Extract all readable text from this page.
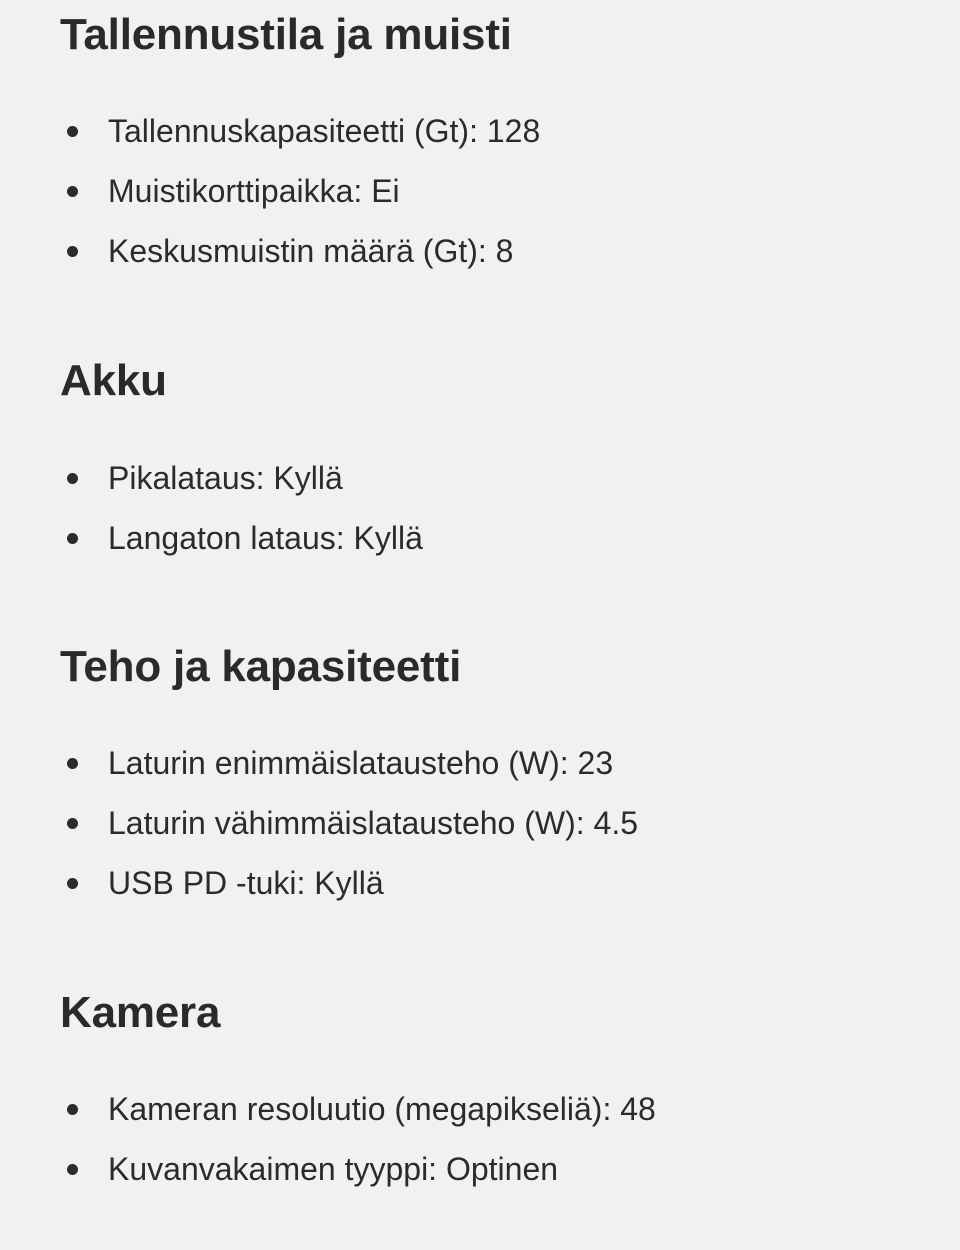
Tallennustila ja muisti
Tallennuskapasiteetti (Gt): 128
Muistikorttipaikka: Ei
Keskusmuistin määrä (Gt): 8
Akku
Pikalataus: Kyllä
Langaton lataus: Kyllä
Teho ja kapasiteetti
Laturin enimmäislatausteho (W): 23
Laturin vähimmäislatausteho (W): 4.5
USB PD -tuki: Kyllä
Kamera
Kameran resoluutio (megapikseliä): 48
Kuvanvakaimen tyyppi: Optinen
